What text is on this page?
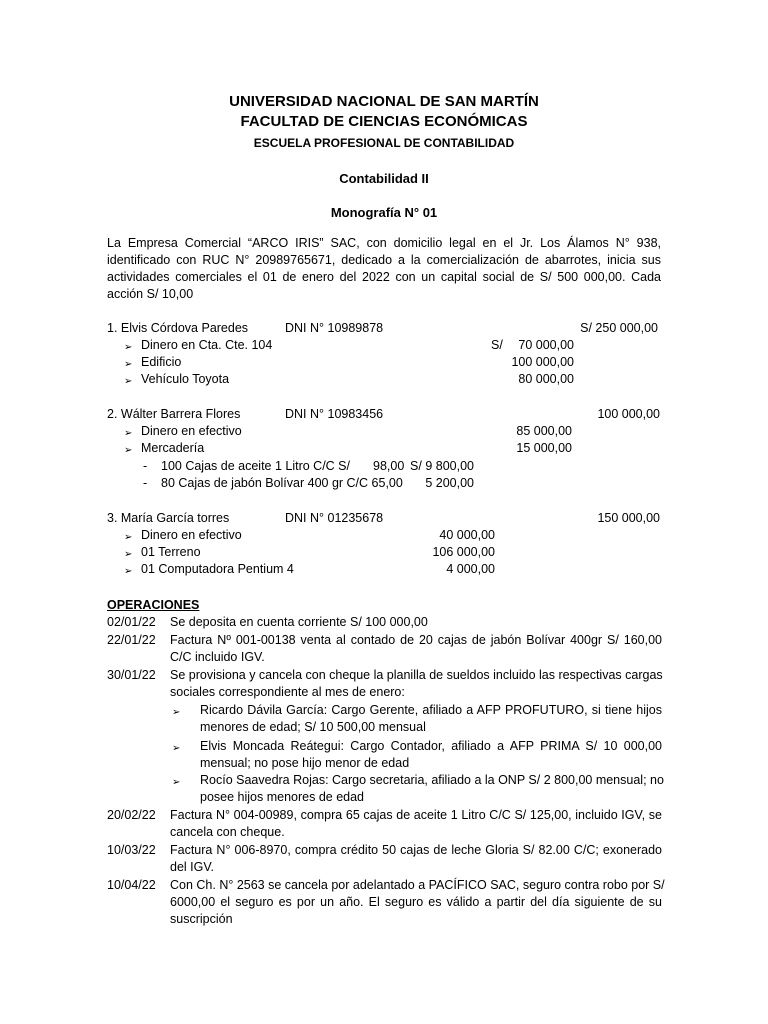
UNIVERSIDAD NACIONAL DE SAN MARTÍN
FACULTAD DE CIENCIAS ECONÓMICAS
ESCUELA PROFESIONAL DE CONTABILIDAD
Contabilidad II
Monografía N° 01
La Empresa Comercial “ARCO IRIS” SAC, con domicilio legal en el Jr. Los Álamos N° 938,
identificado con RUC N° 20989765671, dedicado a la comercialización de abarrotes, inicia sus
actividades comerciales el 01 de enero del 2022 con un capital social de S/ 500 000,00. Cada
acción S/ 10,00
1. Elvis Córdova Paredes	DNI N° 10989878	S/ 250 000,00
➢ Dinero en Cta. Cte. 104	S/	70 000,00
➢ Edificio	100 000,00
➢ Vehículo Toyota	80 000,00
2. Wálter Barrera Flores	DNI N° 10983456	100 000,00
➢ Dinero en efectivo	85 000,00
➢ Mercadería	15 000,00
- 100 Cajas de aceite 1 Litro C/C S/ 98,00 S/ 9 800,00
- 80 Cajas de jabón Bolívar 400 gr C/C 65,00	5 200,00
3. María García torres	DNI N° 01235678	150 000,00
➢ Dinero en efectivo	40 000,00
➢ 01 Terreno	106 000,00
➢ 01 Computadora Pentium 4	4 000,00
OPERACIONES
02/01/22 Se deposita en cuenta corriente S/ 100 000,00
22/01/22 Factura Nº 001-00138 venta al contado de 20 cajas de jabón Bolívar 400gr S/ 160,00
C/C incluido IGV.
30/01/22 Se provisiona y cancela con cheque la planilla de sueldos incluido las respectivas cargas
sociales correspondiente al mes de enero:
➢ Ricardo Dávila García: Cargo Gerente, afiliado a AFP PROFUTURO, si tiene hijos
menores de edad; S/ 10 500,00 mensual
➢ Elvis Moncada Reátegui: Cargo Contador, afiliado a AFP PRIMA S/ 10 000,00
mensual; no pose hijo menor de edad
➢ Rocío Saavedra Rojas: Cargo secretaria, afiliado a la ONP S/ 2 800,00 mensual; no
posee hijos menores de edad
20/02/22 Factura N° 004-00989, compra 65 cajas de aceite 1 Litro C/C S/ 125,00, incluido IGV, se
cancela con cheque.
10/03/22 Factura N° 006-8970, compra crédito 50 cajas de leche Gloria S/ 82.00 C/C; exonerado
del IGV.
10/04/22 Con Ch. N° 2563 se cancela por adelantado a PACÍFICO SAC, seguro contra robo por S/
6000,00 el seguro es por un año. El seguro es válido a partir del día siguiente de su
suscripción
